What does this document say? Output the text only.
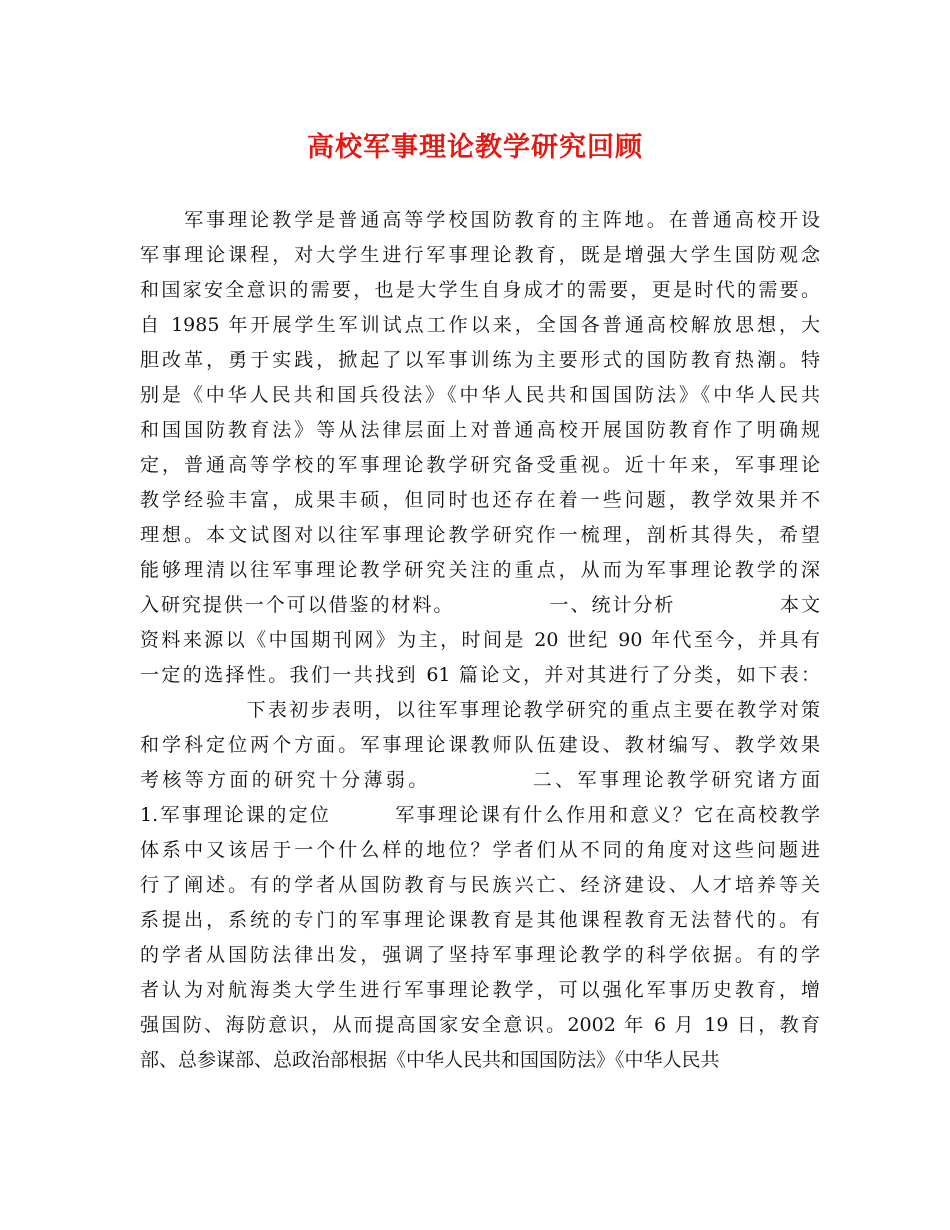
高校军事理论教学研究回顾
　　军事理论教学是普通高等学校国防教育的主阵地。在普通高校开设
军事理论课程，对大学生进行军事理论教育，既是增强大学生国防观念
和国家安全意识的需要，也是大学生自身成才的需要，更是时代的需要。
自 1985 年开展学生军训试点工作以来，全国各普通高校解放思想，大
胆改革，勇于实践，掀起了以军事训练为主要形式的国防教育热潮。特
别是《中华人民共和国兵役法》《中华人民共和国国防法》《中华人民共
和国国防教育法》等从法律层面上对普通高校开展国防教育作了明确规
定，普通高等学校的军事理论教学研究备受重视。近十年来，军事理论
教学经验丰富，成果丰硕，但同时也还存在着一些问题，教学效果并不
理想。本文试图对以往军事理论教学研究作一梳理，剖析其得失，希望
能够理清以往军事理论教学研究关注的重点，从而为军事理论教学的深
入研究提供一个可以借鉴的材料。　　　　　一、统计分析　　　　　本文
资料来源以《中国期刊网》为主，时间是 20 世纪 90 年代至今，并具有
一定的选择性。我们一共找到 61 篇论文，并对其进行了分类，如下表：
　　　　　下表初步表明，以往军事理论教学研究的重点主要在教学对策
和学科定位两个方面。军事理论课教师队伍建设、教材编写、教学效果
考核等方面的研究十分薄弱。　　　　　二、军事理论教学研究诸方面
1.军事理论课的定位　　　军事理论课有什么作用和意义？它在高校教学
体系中又该居于一个什么样的地位？学者们从不同的角度对这些问题进
行了阐述。有的学者从国防教育与民族兴亡、经济建设、人才培养等关
系提出，系统的专门的军事理论课教育是其他课程教育无法替代的。有
的学者从国防法律出发，强调了坚持军事理论教学的科学依据。有的学
者认为对航海类大学生进行军事理论教学，可以强化军事历史教育，增
强国防、海防意识，从而提高国家安全意识。2002 年 6 月 19 日，教育
部、总参谋部、总政治部根据《中华人民共和国国防法》《中华人民共
